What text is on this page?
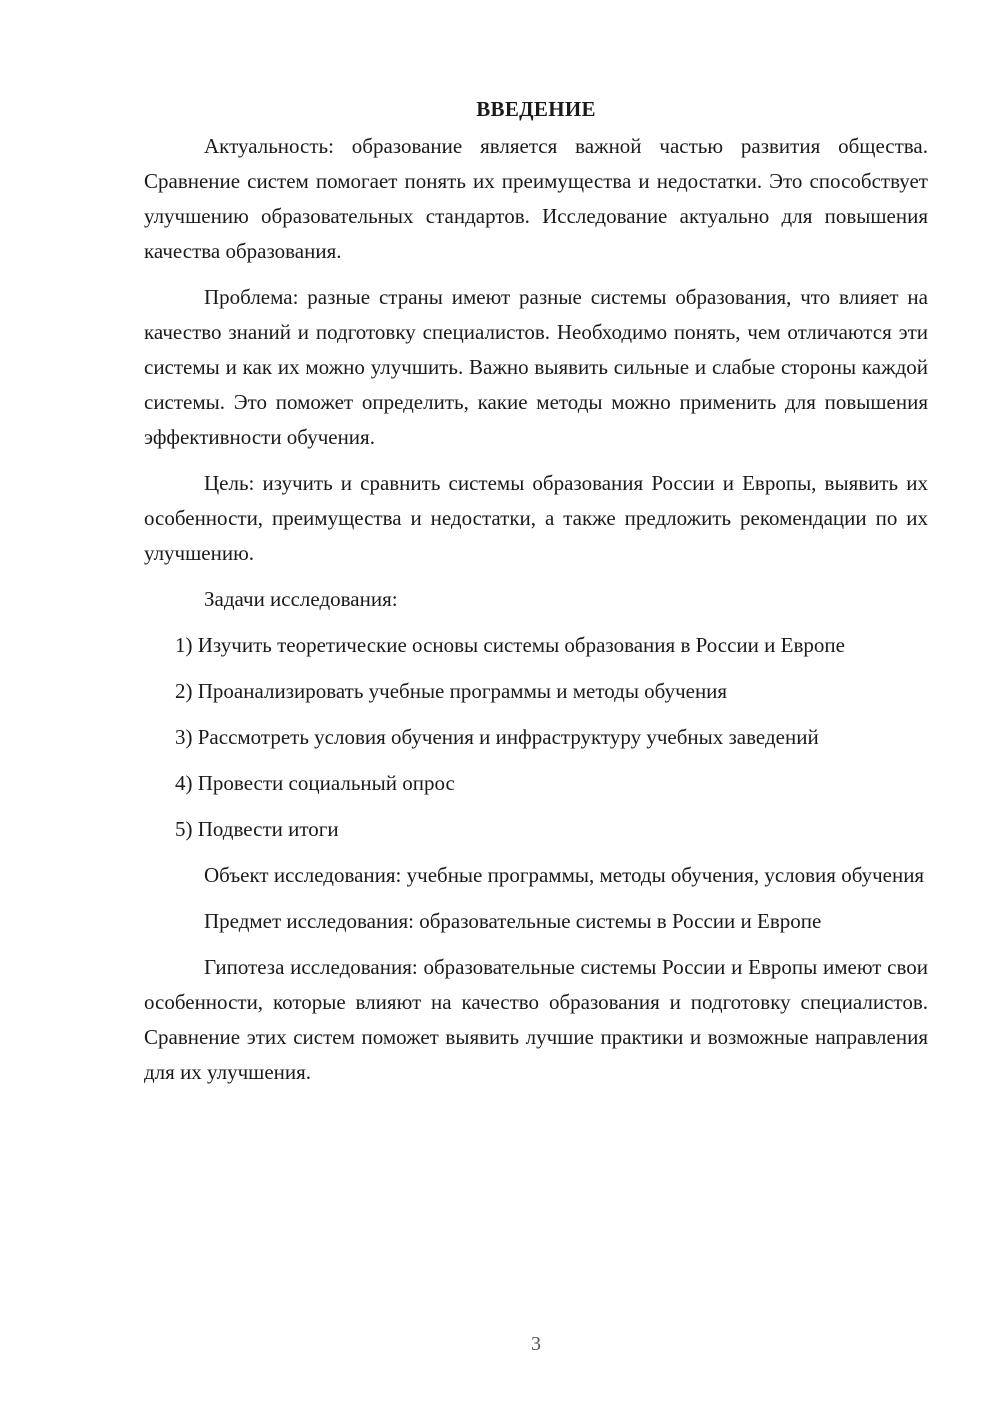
ВВЕДЕНИЕ

Актуальность: образование является важной частью развития общества. Сравнение систем помогает понять их преимущества и недостатки. Это способствует улучшению образовательных стандартов. Исследование актуально для повышения качества образования.

Проблема: разные страны имеют разные системы образования, что влияет на качество знаний и подготовку специалистов. Необходимо понять, чем отличаются эти системы и как их можно улучшить. Важно выявить сильные и слабые стороны каждой системы. Это поможет определить, какие методы можно применить для повышения эффективности обучения.

Цель: изучить и сравнить системы образования России и Европы, выявить их особенности, преимущества и недостатки, а также предложить рекомендации по их улучшению.

Задачи исследования:

1) Изучить теоретические основы системы образования в России и Европе

2) Проанализировать учебные программы и методы обучения

3) Рассмотреть условия обучения и инфраструктуру учебных заведений

4) Провести социальный опрос

5) Подвести итоги

Объект исследования: учебные программы, методы обучения, условия обучения

Предмет исследования: образовательные системы в России и Европе

Гипотеза исследования: образовательные системы России и Европы имеют свои особенности, которые влияют на качество образования и подготовку специалистов. Сравнение этих систем поможет выявить лучшие практики и возможные направления для их улучшения.

3
